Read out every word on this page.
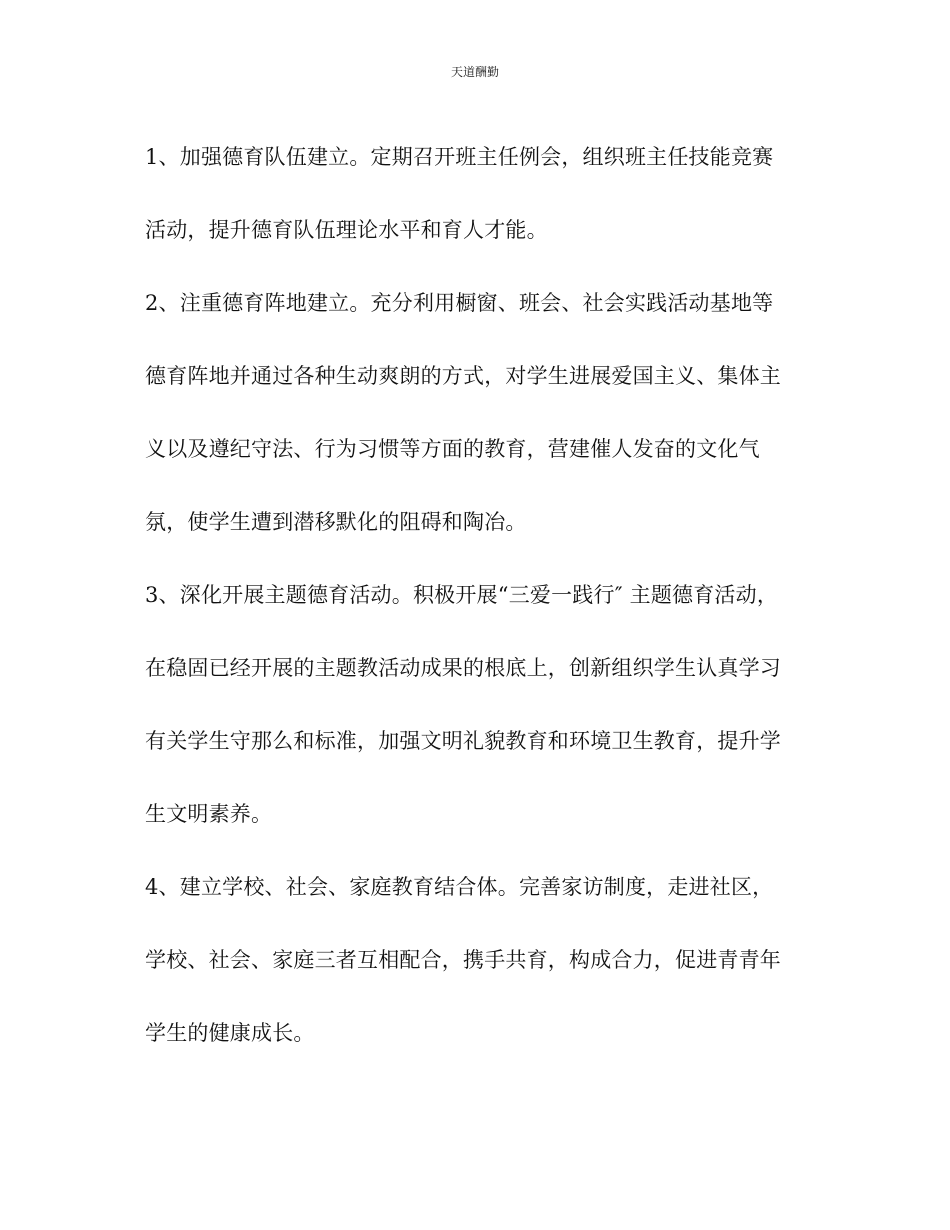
天道酬勤
1、加强德育队伍建立。定期召开班主任例会，组织班主任技能竞赛
活动，提升德育队伍理论水平和育人才能。
2、注重德育阵地建立。充分利用橱窗、班会、社会实践活动基地等
德育阵地并通过各种生动爽朗的方式，对学生进展爱国主义、集体主
义以及遵纪守法、行为习惯等方面的教育，营建催人发奋的文化气
氛，使学生遭到潜移默化的阻碍和陶冶。
3、深化开展主题德育活动。积极开展“三爱一践行″ 主题德育活动，
在稳固已经开展的主题教活动成果的根底上，创新组织学生认真学习
有关学生守那么和标准，加强文明礼貌教育和环境卫生教育，提升学
生文明素养。
4、建立学校、社会、家庭教育结合体。完善家访制度，走进社区，
学校、社会、家庭三者互相配合，携手共育，构成合力，促进青青年
学生的健康成长。
